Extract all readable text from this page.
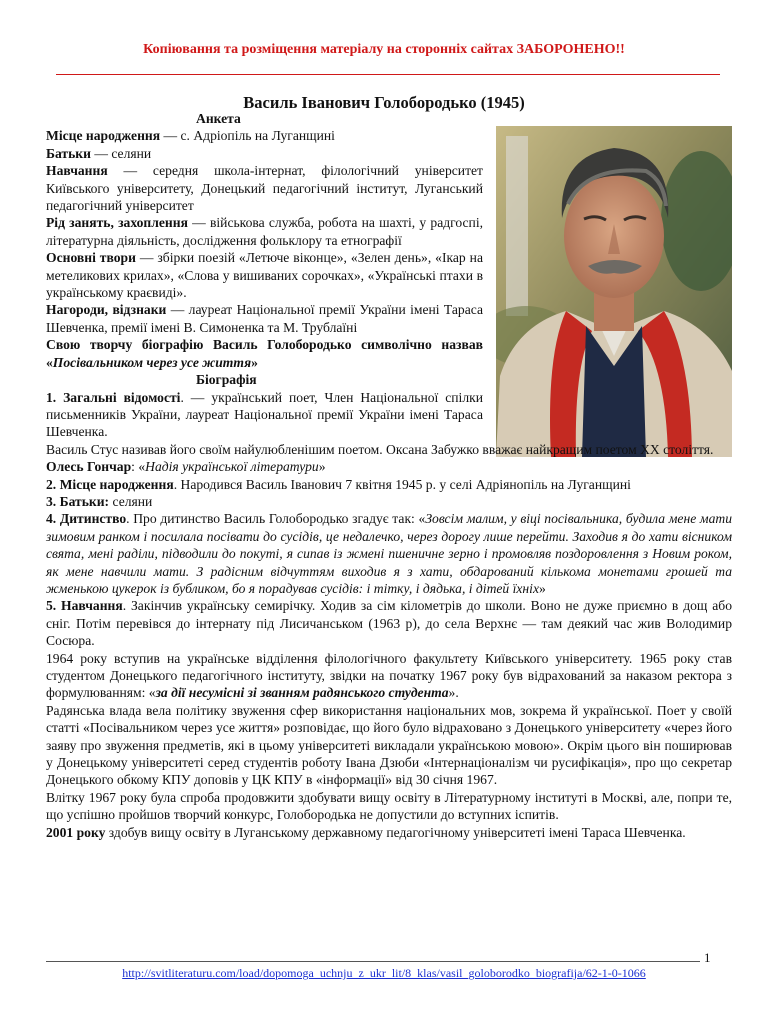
Копіювання та розміщення матеріалу на сторонніх сайтах ЗАБОРОНЕНО!!
Василь Іванович Голобородько (1945)

Анкета

Місце народження — с. Адріопіль на Луганщині

Батьки — селяни

Навчання — середня школа-інтернат, філологічний університет Київського університету, Донецький педагогічний інститут, Луганський педагогічний університет

Рід занять, захоплення — військова служба, робота на шахті, у радгоспі, літературна діяльність, дослідження фольклору та етнографії

Основні твори — збірки поезій «Летюче віконце», «Зелен день», «Ікар на метеликових крилах», «Слова у вишиваних сорочках», «Українські птахи в українському краєвиді».

Нагороди, відзнаки — лауреат Національної премії України імені Тараса Шевченка, премії імені В. Симоненка та М. Трублаїні

Свою творчу біографію Василь Голобородько символічно назвав «Посівальником через усе життя»

Біографія

1. Загальні відомості. — український поет, Член Національної спілки письменників України, лауреат Національної премії України імені Тараса Шевченка.

Василь Стус називав його своїм найулюбленішим поетом. Оксана Забужко вважає найкращим поетом ХХ століття.

Олесь Гончар: «Надія української літератури»

2. Місце народження. Народився Василь Іванович 7 квітня 1945 р. у селі Адріянопіль на Луганщині

3. Батьки: селяни

4. Дитинство. Про дитинство Василь Голобородько згадує так: «Зовсім малим, у віці посівальника, будила мене мати зимовим ранком і посилала посівати до сусідів, це недалечко, через дорогу лише перейти. Заходив я до хати вісником свята, мені раділи, підводили до покуті, я сипав із жмені пшеничне зерно і промовляв поздоровлення з Новим роком, як мене навчили мати. З радісним відчуттям виходив я з хати, обдарований кількома монетами грошей та жменькою цукерок із бубликом, бо я порадував сусідів: і тітку, і дядька, і дітей їхніх»

5. Навчання. Закінчив українську семирічку. Ходив за сім кілометрів до школи. Воно не дуже приємно в дощ або сніг. Потім перевівся до інтернату під Лисичанськом (1963 р), до села Верхнє — там деякий час жив Володимир Сосюра.

1964 року вступив на українське відділення філологічного факультету Київського університету. 1965 року став студентом Донецького педагогічного інституту, звідки на початку 1967 року був відрахований за наказом ректора з формулюванням: «за дії несумісні зі званням радянського студента».

Радянська влада вела політику звуження сфер використання національних мов, зокрема й української. Поет у своїй статті «Посівальником через усе життя» розповідає, що його було відраховано з Донецького університету «через його заяву про звуження предметів, які в цьому університеті викладали українською мовою». Окрім цього він поширював у Донецькому університеті серед студентів роботу Івана Дзюби «Інтернаціоналізм чи русифікація», про що секретар Донецького обкому КПУ доповів у ЦК КПУ в «інформації» від 30 січня 1967.

Влітку 1967 року була спроба продовжити здобувати вищу освіту в Літературному інституті в Москві, але, попри те, що успішно пройшов творчий конкурс, Голобородька не допустили до вступних іспитів.

2001 року здобув вищу освіту в Луганському державному педагогічному університеті імені Тараса Шевченка.

1
http://svitliteraturu.com/load/dopomoga_uchnju_z_ukr_lit/8_klas/vasil_goloborodko_biografija/62-1-0-1066
